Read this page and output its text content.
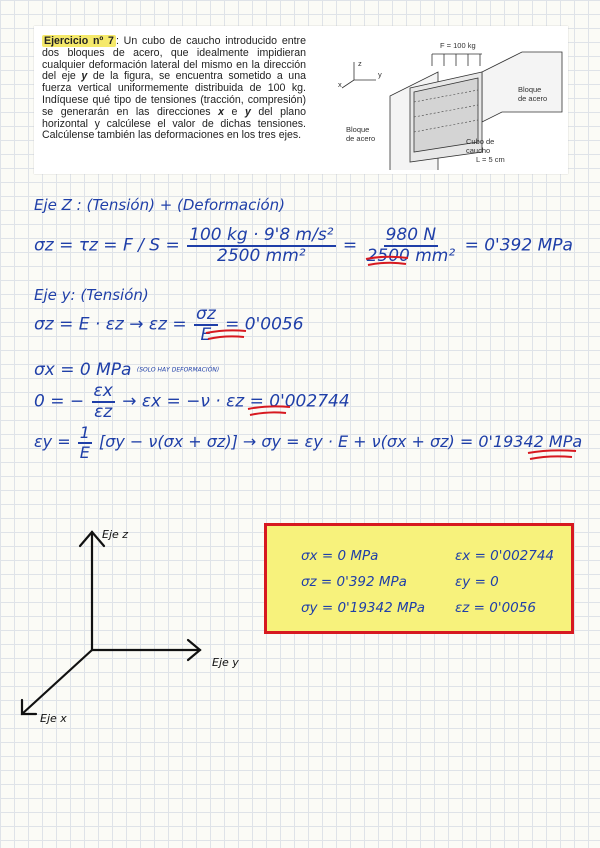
Ejercicio nº 7 : Un cubo de caucho introducido entre dos bloques de acero, que idealmente impidieran cualquier deformación lateral del mismo en la dirección del eje y de la figura, se encuentra sometido a una fuerza vertical uniformemente distribuida de 100 kg. Indíquese qué tipo de tensiones (tracción, compresión) se generarán en las direcciones x e y del plano horizontal y calcúlese el valor de dichas tensiones. Calcúlense también las deformaciones en los tres ejes.
F = 100 kg
z
y
x
Bloque
de acero
Bloque
de acero	Cubo de
caucho
L = 5 cm
Eje Z : (Tensión) + (Deformación)
$\sigma z = \tau z = F / S = \frac{\text{100 kg · 9'8 m/s²}}{\text{2500 mm²}} = \frac{980 N}{\text{2500 mm²}} = 0'392$ MPa
Eje y: (Tensión)
$\sigma z = E \cdot \varepsilon z \to \varepsilon z = \frac{\sigma z}{E} = 0'0056$
σx = 0 MPa (SOLO HAY DEFORMACIÓN)
0 = − $\frac{\varepsilon x}{\varepsilon z} \to \varepsilon x = -\nu \cdot \varepsilon z = 0'002744$
$\varepsilon y = \frac{1}{E} [\sigma y - \nu(\sigma x + \sigma z)] \to \sigma y = \varepsilon y \cdot E + \nu(\sigma x + \sigma z) = 0'19342$ MPa
Eje z
Eje y
Eje x
σx = 0 MPa
σz = 0'392 MPa
σy = 0'19342 MPa
εx = 0'002744
εy = 0
εz = 0'0056
